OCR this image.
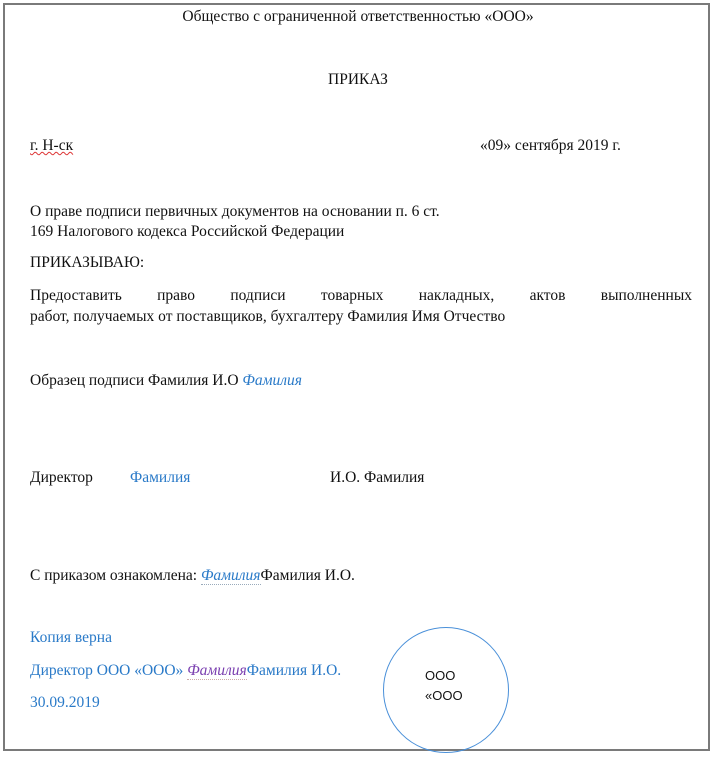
Общество с ограниченной ответственностью «ООО»
ПРИКАЗ
г. Н-ск	«09» сентября 2019 г.
О праве подписи первичных документов на основании п. 6 ст.
169 Налогового кодекса Российской Федерации
ПРИКАЗЫВАЮ:
Предоставить право подписи товарных накладных, актов выполненных
работ, получаемых от поставщиков, бухгалтеру Фамилия Имя Отчество
Образец подписи Фамилия И.О Фамилия
Директор Фамилия	И.О. Фамилия
С приказом ознакомлена: ФамилияФамилия И.О.
Копия верна
Директор ООО «ООО» ФамилияФамилия И.О.
30.09.2019
ООО
«ООО
